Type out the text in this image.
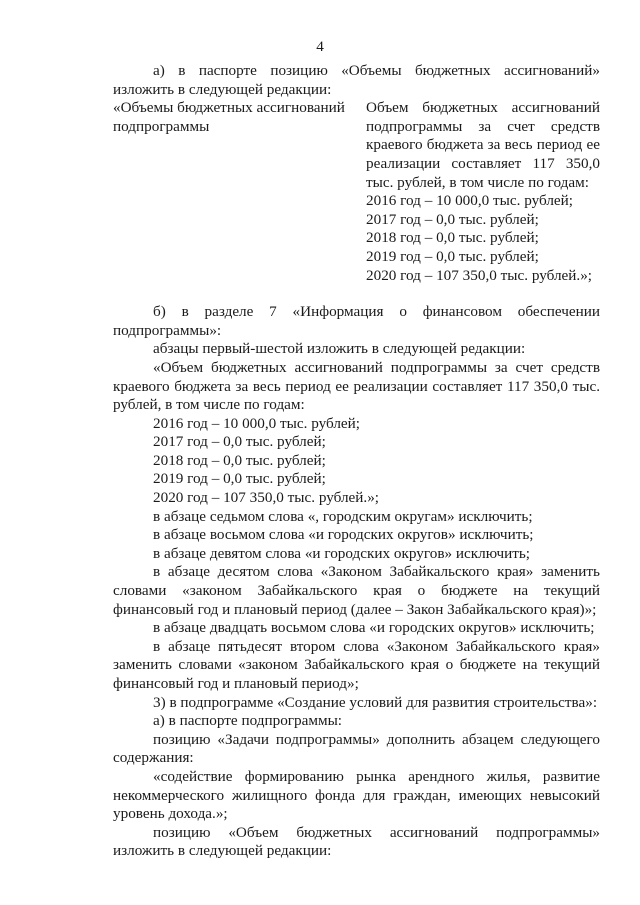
4

а) в паспорте позицию «Объемы бюджетных ассигнований» изложить в следующей редакции:

«Объемы бюджетных ассигнований подпрограммы

Объем бюджетных ассигнований подпрограммы за счет средств краевого бюджета за весь период ее реализации составляет 117 350,0 тыс. рублей, в том числе по годам:

2016 год – 10 000,0 тыс. рублей;

2017 год – 0,0 тыс. рублей;

2018 год – 0,0 тыс. рублей;

2019 год – 0,0 тыс. рублей;

2020 год – 107 350,0 тыс. рублей.»;

б) в разделе 7 «Информация о финансовом обеспечении подпрограммы»:

абзацы первый-шестой изложить в следующей редакции:

«Объем бюджетных ассигнований подпрограммы за счет средств краевого бюджета за весь период ее реализации составляет 117 350,0 тыс. рублей, в том числе по годам:

2016 год – 10 000,0 тыс. рублей;

2017 год – 0,0 тыс. рублей;

2018 год – 0,0 тыс. рублей;

2019 год – 0,0 тыс. рублей;

2020 год – 107 350,0 тыс. рублей.»;

в абзаце седьмом слова «, городским округам» исключить;

в абзаце восьмом слова «и городских округов» исключить;

в абзаце девятом слова «и городских округов» исключить;

в абзаце десятом слова «Законом Забайкальского края» заменить словами «законом Забайкальского края о бюджете на текущий финансовый год и плановый период (далее – Закон Забайкальского края)»;

в абзаце двадцать восьмом слова «и городских округов» исключить;

в абзаце пятьдесят втором слова «Законом Забайкальского края» заменить словами «законом Забайкальского края о бюджете на текущий финансовый год и плановый период»;

3) в подпрограмме «Создание условий для развития строительства»:

а) в паспорте подпрограммы:

позицию «Задачи подпрограммы» дополнить абзацем следующего содержания:

«содействие формированию рынка арендного жилья, развитие некоммерческого жилищного фонда для граждан, имеющих невысокий уровень дохода.»;

позицию «Объем бюджетных ассигнований подпрограммы» изложить в следующей редакции:
